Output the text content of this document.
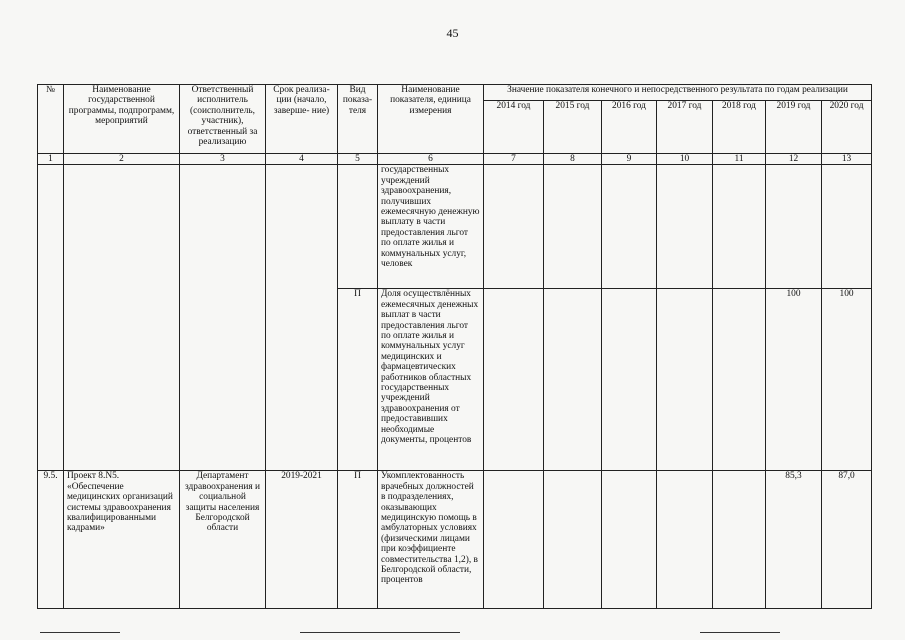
45
№	Наименование государственной программы, подпрограмм, мероприятий	Ответственный исполнитель (соисполнитель, участник), ответственный за реализацию	Срок реализа- ции (начало, заверше- ние)	Вид показа- теля	Наименование показателя, единица измерения	Значение показателя конечного и непосредственного результата по годам реализации						
						2014 год	2015 год	2016 год	2017 год	2018 год	2019 год	2020 год
1	2	3	4	5	6	7	8	9	10	11	12	13
					государственных учреждений здравоохранения, получивших ежемесячную денежную выплату в части предоставления льгот по оплате жилья и коммунальных услуг, человек							
				П	Доля осуществлённых ежемесячных денежных выплат в части предоставления льгот по оплате жилья и коммунальных услуг медицинских и фармацевтических работников областных государственных учреждений здравоохранения от предоставивших необходимые документы, процентов						100	100
9.5.	Проект 8.N5. «Обеспечение медицинских организаций системы здравоохранения квалифицированными кадрами»	Департамент здравоохранения и социальной защиты населения Белгородской области	2019-2021	П	Укомплектованность врачебных должностей в подразделениях, оказывающих медицинскую помощь в амбулаторных условиях (физическими лицами при коэффициенте совместительства 1,2), в Белгородской области, процентов						85,3	87,0
